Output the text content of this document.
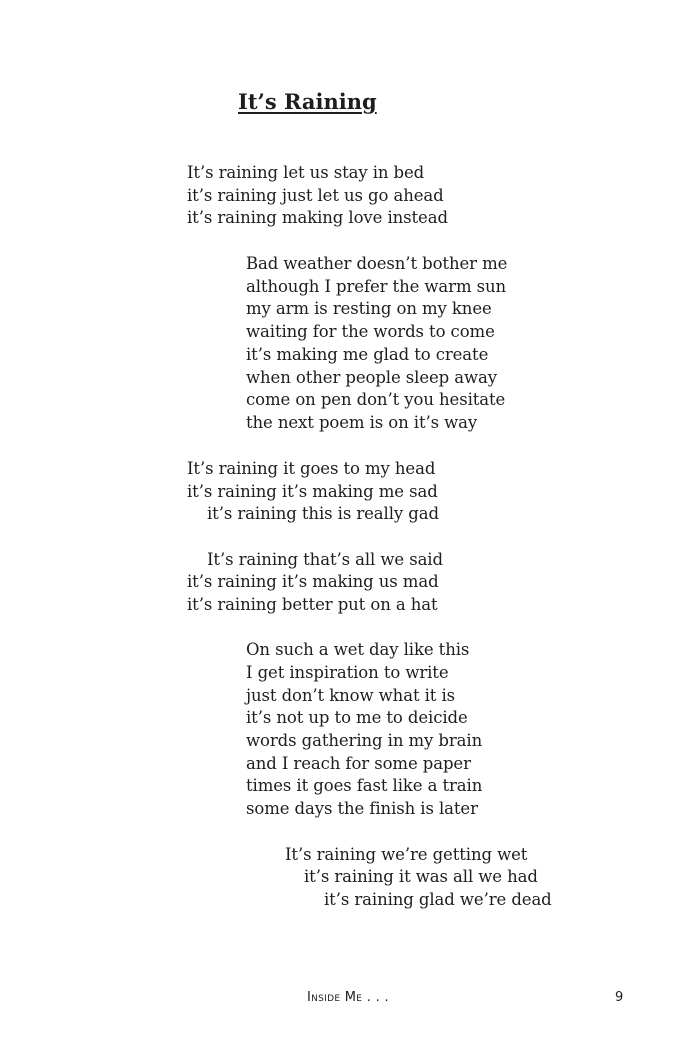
It’s Raining
It’s raining let us stay in bed
it’s raining just let us go ahead
it’s raining making love instead
Bad weather doesn’t bother me
although I prefer the warm sun
my arm is resting on my knee
waiting for the words to come
it’s making me glad to create
when other people sleep away
come on pen don’t you hesitate
the next poem is on it’s way
It’s raining it goes to my head
it’s raining it’s making me sad
it’s raining this is really gad
It’s raining that’s all we said
it’s raining it’s making us mad
it’s raining better put on a hat
On such a wet day like this
I get inspiration to write
just don’t know what it is
it’s not up to me to deicide
words gathering in my brain
and I reach for some paper
times it goes fast like a train
some days the finish is later
It’s raining we’re getting wet
it’s raining it was all we had
it’s raining glad we’re dead
Inside Me . . .	9
